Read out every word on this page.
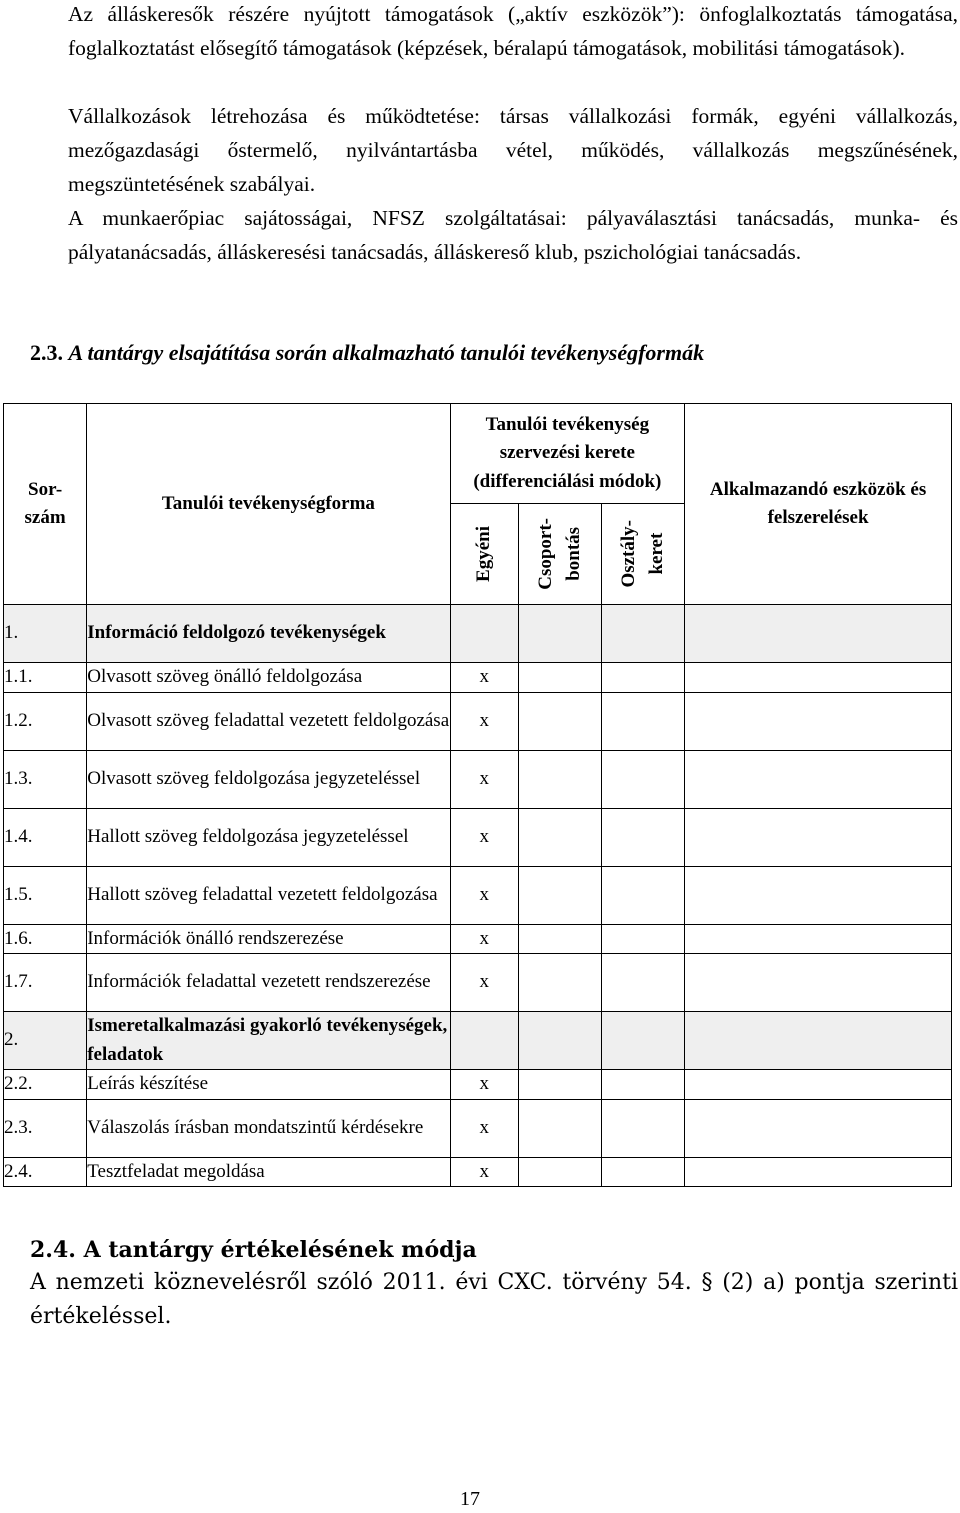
Az álláskeresők részére nyújtott támogatások („aktív eszközök”): önfoglalkoztatás támogatása, foglalkoztatást elősegítő támogatások (képzések, béralapú támogatások, mobilitási támogatások).

Vállalkozások létrehozása és működtetése: társas vállalkozási formák, egyéni vállalkozás, mezőgazdasági őstermelő, nyilvántartásba vétel, működés, vállalkozás megszűnésének, megszüntetésének szabályai.

A munkaerőpiac sajátosságai, NFSZ szolgáltatásai: pályaválasztási tanácsadás, munka- és pályatanácsadás, álláskeresési tanácsadás, álláskereső klub, pszichológiai tanácsadás.

2.3. A tantárgy elsajátítása során alkalmazható tanulói tevékenységformák
Sor-
szám	Tanulói tevékenységforma	Tanulói tevékenység szervezési kerete (differenciálási módok)			Alkalmazandó eszközök és felszerelések

		Egyéni	Csoport- bontás	Osztály- keret	

1.	Információ feldolgozó tevékenységek				
1.1.	Olvasott szöveg önálló feldolgozása	x			
1.2.	Olvasott szöveg feladattal vezetett feldolgozása	x			
1.3.	Olvasott szöveg feldolgozása jegyzeteléssel	x			
1.4.	Hallott szöveg feldolgozása jegyzeteléssel	x			
1.5.	Hallott szöveg feladattal vezetett feldolgozása	x			
1.6.	Információk önálló rendszerezése	x			
1.7.	Információk feladattal vezetett rendszerezése	x			
2.	Ismeretalkalmazási gyakorló tevékenységek, feladatok				
2.2.	Leírás készítése	x			
2.3.	Válaszolás írásban mondatszintű kérdésekre	x			
2.4.	Tesztfeladat megoldása	x			
2.4. A tantárgy értékelésének módja

A nemzeti köznevelésről szóló 2011. évi CXC. törvény 54. § (2) a) pontja szerinti értékeléssel.

17
